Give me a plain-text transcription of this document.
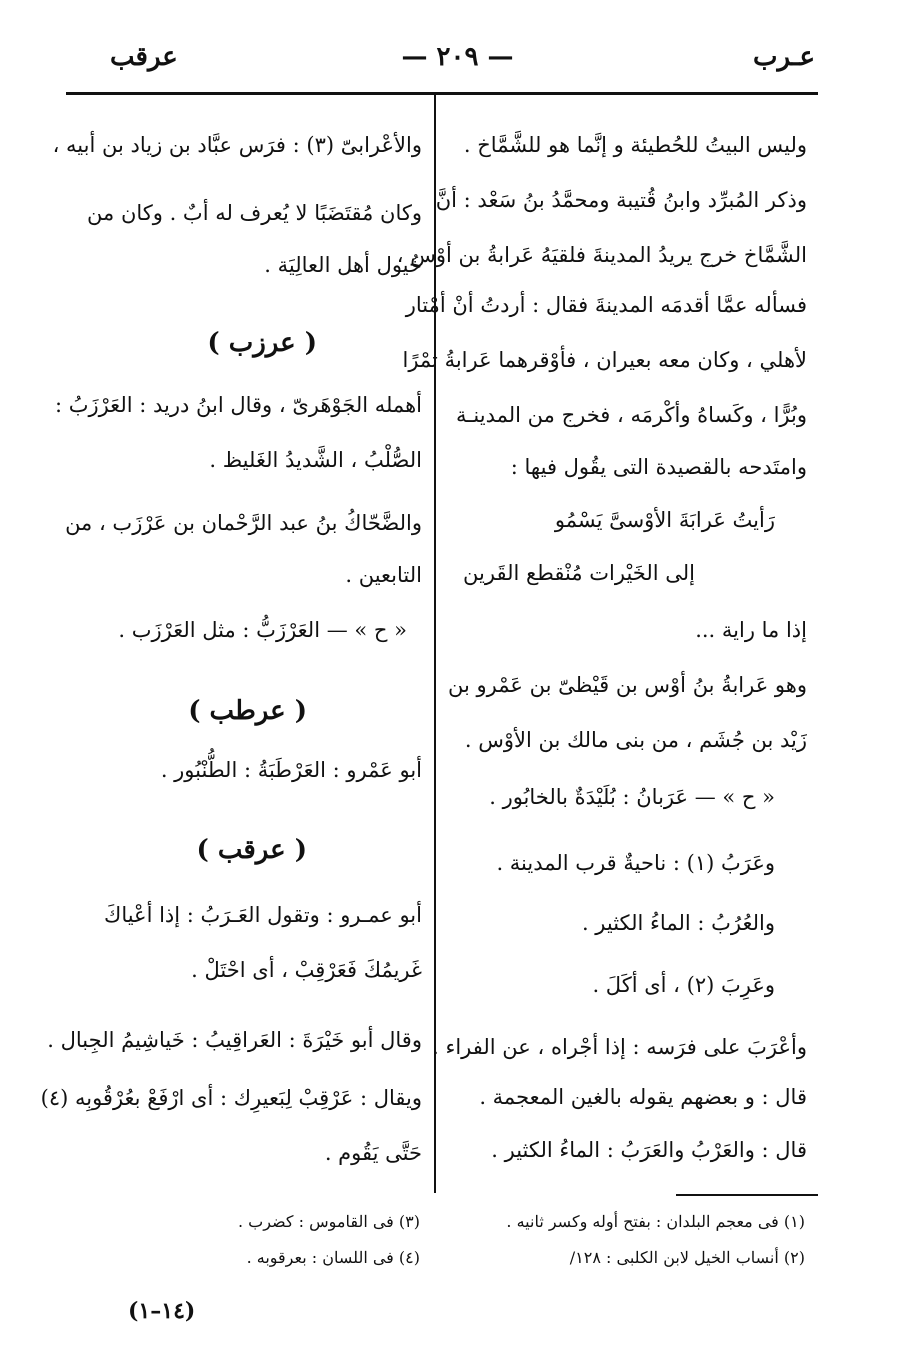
عـرب
— ٢٠٩ —
عرقب
وليس البيتُ للحُطيئة و إنَّما هو للشَّمَّاخ .
وذكر المُبرِّد وابنُ قُتيبة ومحمَّدُ بنُ سَعْد : أنَّ
الشَّمَّاخ خرج يريدُ المدينةَ فلقيَهُ عَرابةُ بن أوْس ،
فسأله عمَّا أقدمَه المدينةَ فقال : أردتُ أنْ أمْتار
لأهلي ، وكان معه بعيران ، فأوْقرهما عَرابةُ تمْرًا
وبُرًّا ، وكَساهُ وأكْرمَه ، فخرج من المدينـة
وامتَدحه بالقصيدة التى يقُول فيها :
رَأيتُ عَرابَةَ الأوْسىَّ يَسْمُو
إلى الخَيْرات مُنْقطع القَرين
إذا ما راية ...
وهو عَرابةُ بنُ أوْس بن قَيْظىّ بن عَمْرو بن
زَيْد بن جُشَم ، من بنى مالك بن الأوْس .
« ح » — عَرَبانُ : بُلَيْدَةٌ بالخابُور .
وعَرَبُ (١) : ناحيةٌ قرب المدينة .
والعُرُبُ : الماءُ الكثير .
وعَرِبَ (٢) ، أى أكَلَ .
وأعْرَبَ على فرَسه : إذا أجْراه ، عن الفراء .
قال : و بعضهم يقوله بالغين المعجمة .
قال : والعَرْبُ والعَرَبُ : الماءُ الكثير .
والأعْرابىّ (٣) : فرَس عبَّاد بن زياد بن أبيه ،
وكان مُقتَضَبًا لا يُعرف له أبٌ . وكان من
خُيول أهل العالِيَة .
( عرزب )
أهمله الجَوْهَرىّ ، وقال ابنُ دريد : العَرْزَبُ :
الصُّلْبُ ، الشَّديدُ الغَليظ .
والضَّحّاكُ بنُ عبد الرَّحْمان بن عَرْزَب ، من
التابعين .
« ح » — العَرْزَبُّ : مثل العَرْزَب .
( عرطب )
أبو عَمْرو : العَرْطَبَةُ : الطُّنْبُور .
( عرقب )
أبو عمـرو : وتقول العَـرَبُ : إذا أعْياكَ
غَريمُكَ فَعَرْقِبْ ، أى احْتَلْ .
وقال أبو خَيْرَةَ : العَراقِيبُ : خَياشِيمُ الجِبال .
ويقال : عَرْقِبْ لِبَعيرِك : أى ارْفَعْ بعُرْقُوبِه (٤)
حَتَّى يَقُوم .
(١) فى معجم البلدان : بفتح أوله وكسر ثانيه .
(٢) أنساب الخيل لابن الكلبى : ١٢٨/
(٣) فى القاموس : كضرب .
(٤) فى اللسان : بعرقوبه .
(١٤–١)
